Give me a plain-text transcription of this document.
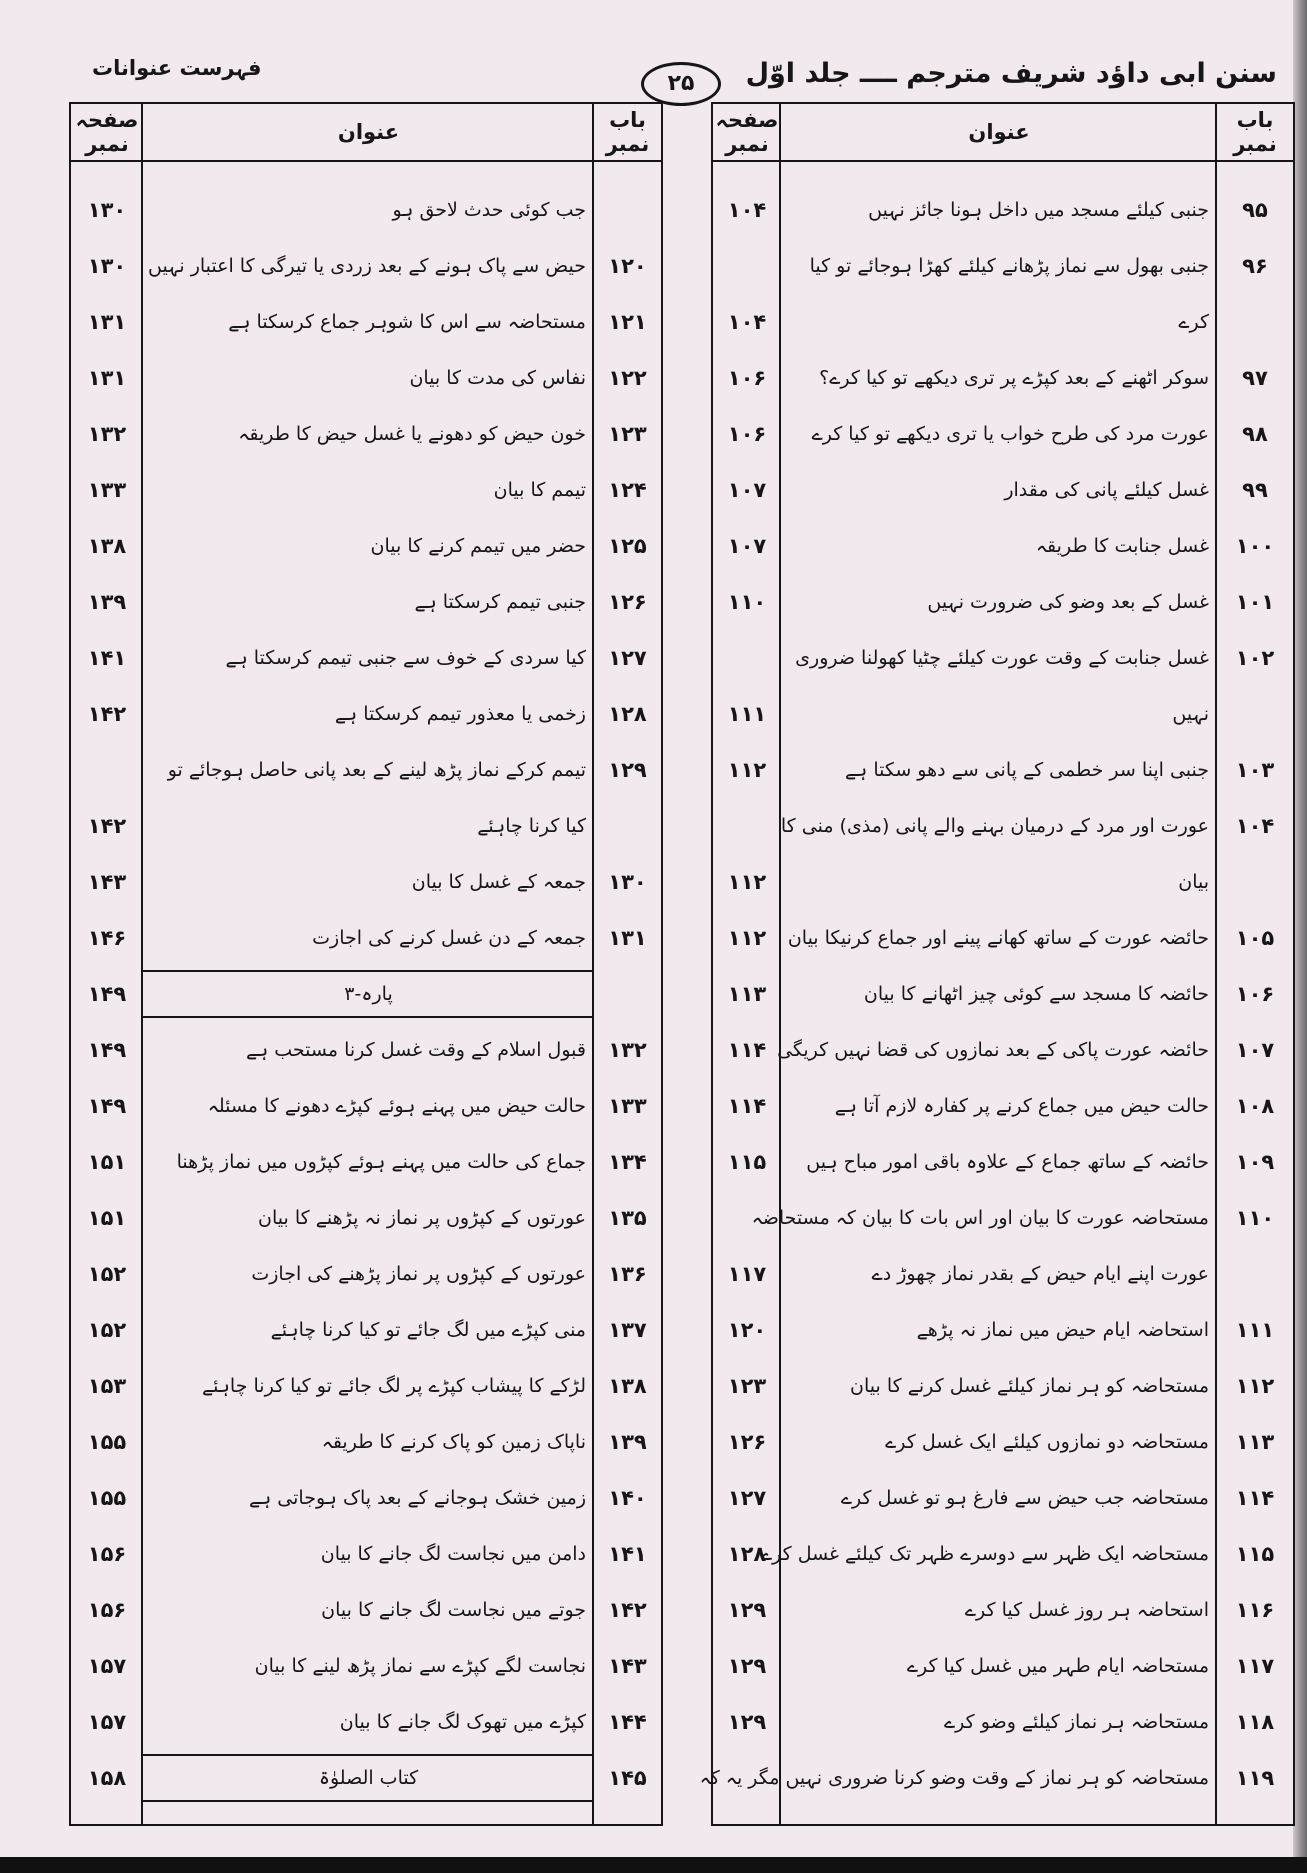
سنن ابی داؤد شریف مترجم ــــ جلد اوّل
۲۵
فہرست عنوانات
باب نمبر
عنوان
صفحہ نمبر
۹۵
جنبی کیلئے مسجد میں داخل ہونا جائز نہیں
۱۰۴
۹۶
جنبی بھول سے نماز پڑھانے کیلئے کھڑا ہوجائے تو کیا
کرے
۱۰۴
۹۷
سوکر اٹھنے کے بعد کپڑے پر تری دیکھے تو کیا کرے؟
۱۰۶
۹۸
عورت مرد کی طرح خواب یا تری دیکھے تو کیا کرے
۱۰۶
۹۹
غسل کیلئے پانی کی مقدار
۱۰۷
۱۰۰
غسل جنابت کا طریقہ
۱۰۷
۱۰۱
غسل کے بعد وضو کی ضرورت نہیں
۱۱۰
۱۰۲
غسل جنابت کے وقت عورت کیلئے چٹیا کھولنا ضروری
نہیں
۱۱۱
۱۰۳
جنبی اپنا سر خطمی کے پانی سے دھو سکتا ہے
۱۱۲
۱۰۴
عورت اور مرد کے درمیان بہنے والے پانی (مذی) منی کا
بیان
۱۱۲
۱۰۵
حائضہ عورت کے ساتھ کھانے پینے اور جماع کرنیکا بیان
۱۱۲
۱۰۶
حائضہ کا مسجد سے کوئی چیز اٹھانے کا بیان
۱۱۳
۱۰۷
حائضہ عورت پاکی کے بعد نمازوں کی قضا نہیں کریگی
۱۱۴
۱۰۸
حالت حیض میں جماع کرنے پر کفارہ لازم آتا ہے
۱۱۴
۱۰۹
حائضہ کے ساتھ جماع کے علاوہ باقی امور مباح ہیں
۱۱۵
۱۱۰
مستحاضہ عورت کا بیان اور اس بات کا بیان کہ مستحاضہ
عورت اپنے ایام حیض کے بقدر نماز چھوڑ دے
۱۱۷
۱۱۱
استحاضہ ایام حیض میں نماز نہ پڑھے
۱۲۰
۱۱۲
مستحاضہ کو ہر نماز کیلئے غسل کرنے کا بیان
۱۲۳
۱۱۳
مستحاضہ دو نمازوں کیلئے ایک غسل کرے
۱۲۶
۱۱۴
مستحاضہ جب حیض سے فارغ ہو تو غسل کرے
۱۲۷
۱۱۵
مستحاضہ ایک ظہر سے دوسرے ظہر تک کیلئے غسل کرے
۱۲۸
۱۱۶
استحاضہ ہر روز غسل کیا کرے
۱۲۹
۱۱۷
مستحاضہ ایام طہر میں غسل کیا کرے
۱۲۹
۱۱۸
مستحاضہ ہر نماز کیلئے وضو کرے
۱۲۹
۱۱۹
مستحاضہ کو ہر نماز کے وقت وضو کرنا ضروری نہیں مگر یہ کہ
باب نمبر
عنوان
صفحہ نمبر
جب کوئی حدث لاحق ہو
۱۳۰
۱۲۰
حیض سے پاک ہونے کے بعد زردی یا تیرگی کا اعتبار نہیں
۱۳۰
۱۲۱
مستحاضہ سے اس کا شوہر جماع کرسکتا ہے
۱۳۱
۱۲۲
نفاس کی مدت کا بیان
۱۳۱
۱۲۳
خون حیض کو دھونے یا غسل حیض کا طریقہ
۱۳۲
۱۲۴
تیمم کا بیان
۱۳۳
۱۲۵
حضر میں تیمم کرنے کا بیان
۱۳۸
۱۲۶
جنبی تیمم کرسکتا ہے
۱۳۹
۱۲۷
کیا سردی کے خوف سے جنبی تیمم کرسکتا ہے
۱۴۱
۱۲۸
زخمی یا معذور تیمم کرسکتا ہے
۱۴۲
۱۲۹
تیمم کرکے نماز پڑھ لینے کے بعد پانی حاصل ہوجائے تو
کیا کرنا چاہئے
۱۴۲
۱۳۰
جمعہ کے غسل کا بیان
۱۴۳
۱۳۱
جمعہ کے دن غسل کرنے کی اجازت
۱۴۶
پارہ-۳
۱۴۹
۱۳۲
قبول اسلام کے وقت غسل کرنا مستحب ہے
۱۴۹
۱۳۳
حالت حیض میں پہنے ہوئے کپڑے دھونے کا مسئلہ
۱۴۹
۱۳۴
جماع کی حالت میں پہنے ہوئے کپڑوں میں نماز پڑھنا
۱۵۱
۱۳۵
عورتوں کے کپڑوں پر نماز نہ پڑھنے کا بیان
۱۵۱
۱۳۶
عورتوں کے کپڑوں پر نماز پڑھنے کی اجازت
۱۵۲
۱۳۷
منی کپڑے میں لگ جائے تو کیا کرنا چاہئے
۱۵۲
۱۳۸
لڑکے کا پیشاب کپڑے پر لگ جائے تو کیا کرنا چاہئے
۱۵۳
۱۳۹
ناپاک زمین کو پاک کرنے کا طریقہ
۱۵۵
۱۴۰
زمین خشک ہوجانے کے بعد پاک ہوجاتی ہے
۱۵۵
۱۴۱
دامن میں نجاست لگ جانے کا بیان
۱۵۶
۱۴۲
جوتے میں نجاست لگ جانے کا بیان
۱۵۶
۱۴۳
نجاست لگے کپڑے سے نماز پڑھ لینے کا بیان
۱۵۷
۱۴۴
کپڑے میں تھوک لگ جانے کا بیان
۱۵۷
۱۴۵
کتاب الصلوٰۃ
۱۵۸
